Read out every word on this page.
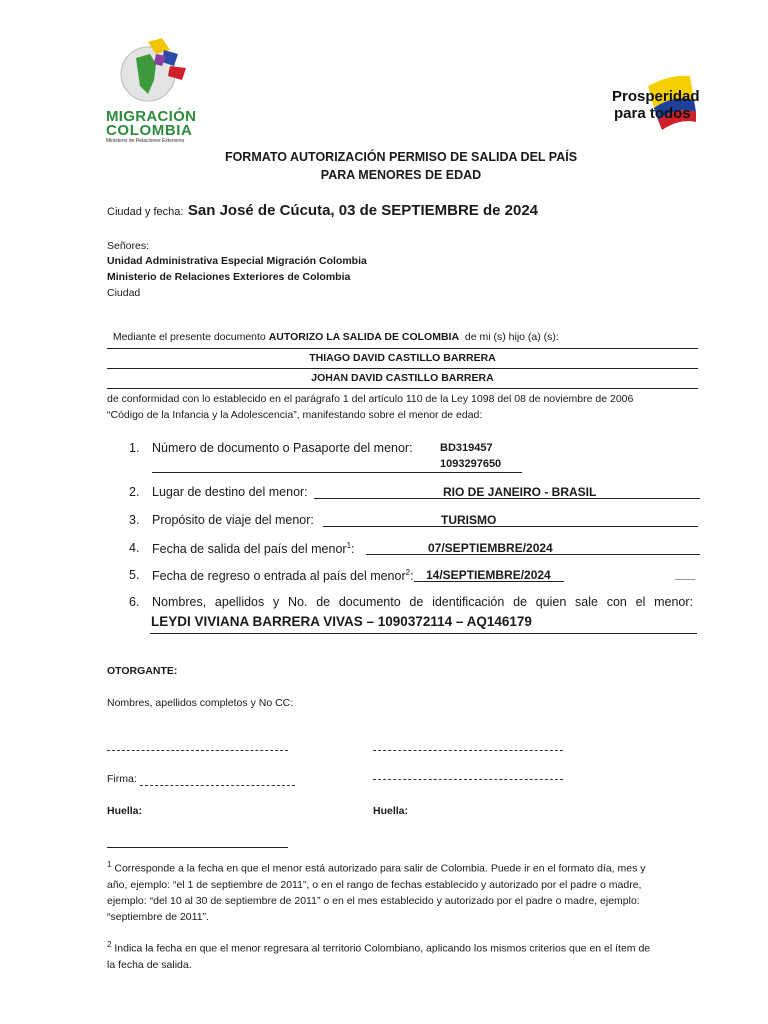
MIGRACIÓN
COLOMBIA
Ministerio de Relaciones Exteriores
Prosperidad
para todos
FORMATO AUTORIZACIÓN PERMISO DE SALIDA DEL PAÍS
PARA MENORES DE EDAD
Ciudad y fecha: San José de Cúcuta, 03 de SEPTIEMBRE de 2024
Señores:
Unidad Administrativa Especial Migración Colombia
Ministerio de Relaciones Exteriores de Colombia
Ciudad

Mediante el presente documento AUTORIZO LA SALIDA DE COLOMBIA  de mi (s) hijo (a) (s):

THIAGO DAVID CASTILLO BARRERA
JOHAN DAVID CASTILLO BARRERA
de conformidad con lo establecido en el parágrafo 1 del artículo 110 de la Ley 1098 del 08 de noviembre de 2006
“Código de la Infancia y la Adolescencia”, manifestando sobre el menor de edad:
1. Número de documento o Pasaporte del menor: BD319457
1093297650
2. Lugar de destino del menor:	RIO DE JANEIRO - BRASIL
3. Propósito de viaje del menor:	TURISMO
4. Fecha de salida del país del menor$^1$:	07/SEPTIEMBRE/2024
5. Fecha de regreso o entrada al país del menor$^2$: 14/SEPTIEMBRE/2024	___
6. Nombres, apellidos y No. de documento de identificación de quien sale con el menor:
LEYDI VIVIANA BARRERA VIVAS – 1090372114 – AQ146179
OTORGANTE:
Nombres, apellidos completos y No CC:
Firma:
Huella:	Huella:
$^1$ Corresponde a la fecha en que el menor está autorizado para salir de Colombia. Puede ir en el formato día, mes y
año, ejemplo: “el 1 de septiembre de 2011”, o en el rango de fechas establecido y autorizado por el padre o madre,
ejemplo: “del 10 al 30 de septiembre de 2011” o en el mes establecido y autorizado por el padre o madre, ejemplo:
“septiembre de 2011”.
$^2$ Indica la fecha en que el menor regresara al territorio Colombiano, aplicando los mismos criterios que en el ítem de
la fecha de salida.
